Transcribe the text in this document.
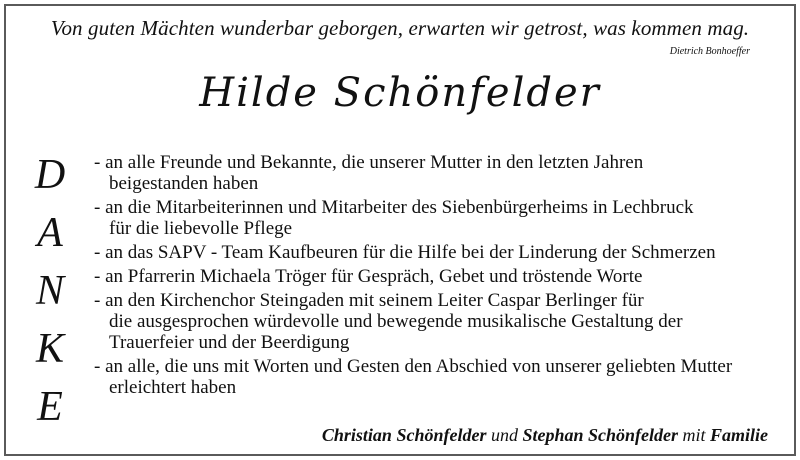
Von guten Mächten wunderbar geborgen, erwarten wir getrost, was kommen mag.
Dietrich Bonhoeffer
Hilde Schönfelder
D
A
N
K
E
- an alle Freunde und Bekannte, die unserer Mutter in den letzten Jahren
beigestanden haben
- an die Mitarbeiterinnen und Mitarbeiter des Siebenbürgerheims in Lechbruck
für die liebevolle Pflege
- an das SAPV - Team Kaufbeuren für die Hilfe bei der Linderung der Schmerzen
- an Pfarrerin Michaela Tröger für Gespräch, Gebet und tröstende Worte
- an den Kirchenchor Steingaden mit seinem Leiter Caspar Berlinger für
die ausgesprochen würdevolle und bewegende musikalische Gestaltung der
Trauerfeier und der Beerdigung
- an alle, die uns mit Worten und Gesten den Abschied von unserer geliebten Mutter
erleichtert haben
Christian Schönfelder und Stephan Schönfelder mit Familie
